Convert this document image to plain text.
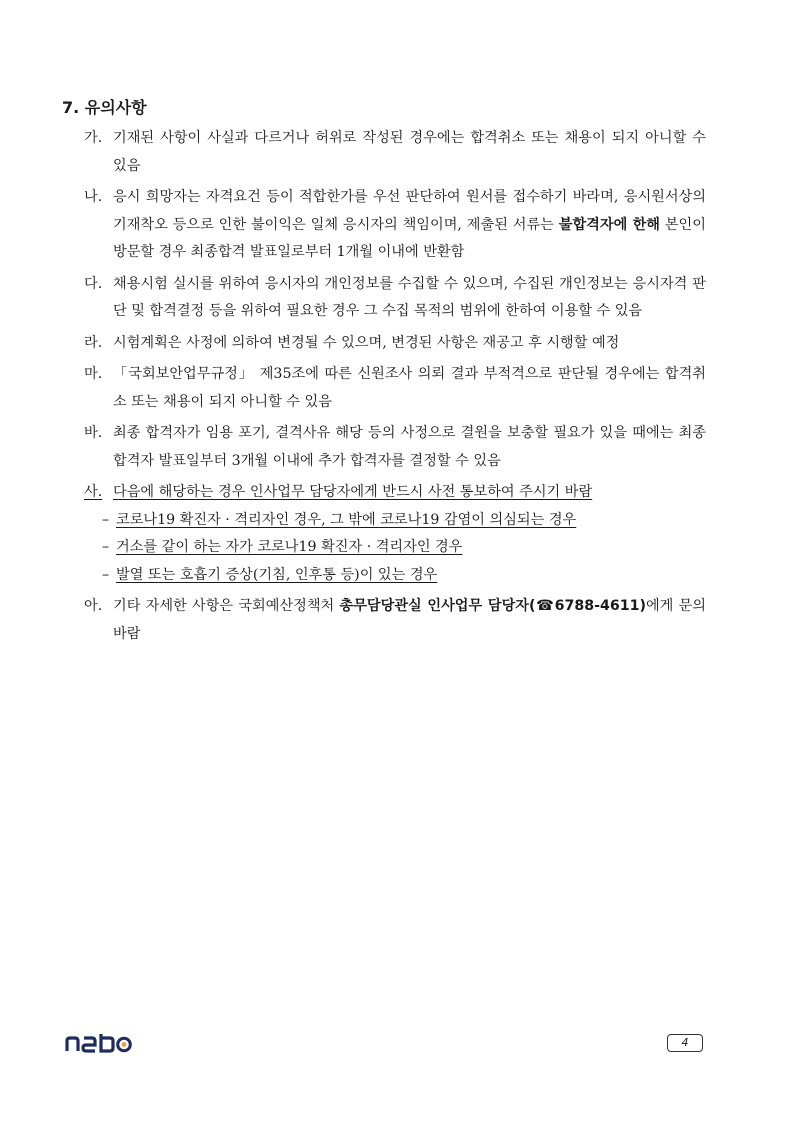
7. 유의사항
가. 기재된 사항이 사실과 다르거나 허위로 작성된 경우에는 합격취소 또는 채용이 되지 아니할 수 있음
나. 응시 희망자는 자격요건 등이 적합한가를 우선 판단하여 원서를 접수하기 바라며, 응시원서상의 기재착오 등으로 인한 불이익은 일체 응시자의 책임이며, 제출된 서류는 불합격자에 한해 본인이 방문할 경우 최종합격 발표일로부터 1개월 이내에 반환함
다. 채용시험 실시를 위하여 응시자의 개인정보를 수집할 수 있으며, 수집된 개인정보는 응시자격 판단 및 합격결정 등을 위하여 필요한 경우 그 수집 목적의 범위에 한하여 이용할 수 있음
라. 시험계획은 사정에 의하여 변경될 수 있으며, 변경된 사항은 재공고 후 시행할 예정
마. 「국회보안업무규정」 제35조에 따른 신원조사 의뢰 결과 부적격으로 판단될 경우에는 합격취소 또는 채용이 되지 아니할 수 있음
바. 최종 합격자가 임용 포기, 결격사유 해당 등의 사정으로 결원을 보충할 필요가 있을 때에는 최종합격자 발표일부터 3개월 이내에 추가 합격자를 결정할 수 있음
사. 다음에 해당하는 경우 인사업무 담당자에게 반드시 사전 통보하여 주시기 바람
– 코로나19 확진자 · 격리자인 경우, 그 밖에 코로나19 감염이 의심되는 경우
– 거소를 같이 하는 자가 코로나19 확진자 · 격리자인 경우
– 발열 또는 호흡기 증상(기침, 인후통 등)이 있는 경우
아. 기타 자세한 사항은 국회예산정책처 총무담당관실 인사업무 담당자(☎6788-4611)에게 문의 바람
4
